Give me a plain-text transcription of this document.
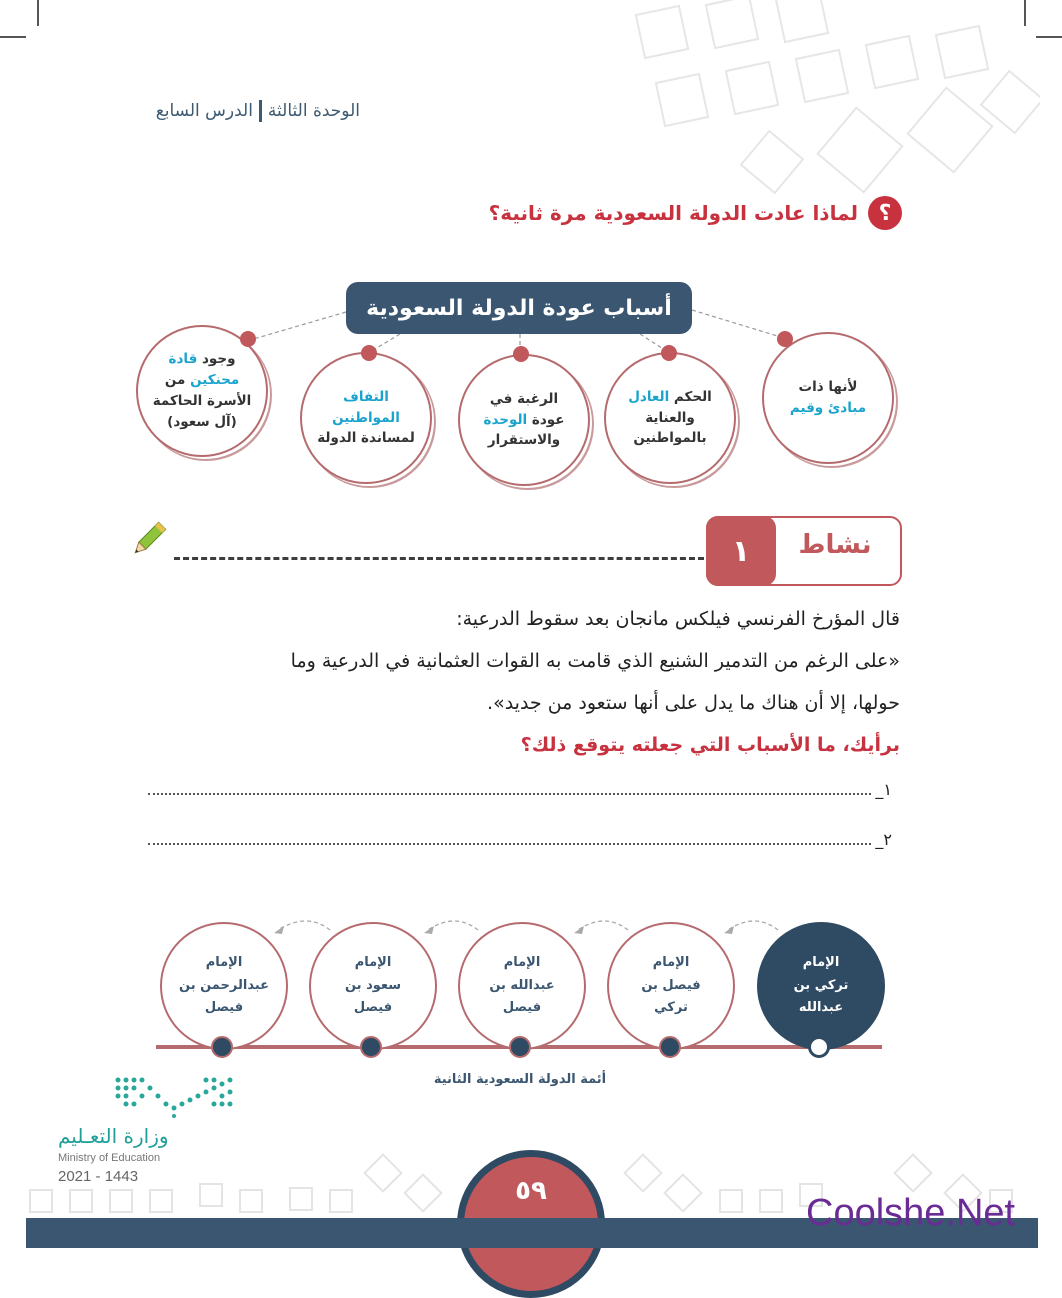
الوحدة الثالثةالدرس السابع
؟
لماذا عادت الدولة السعودية مرة ثانية؟
أسباب عودة الدولة السعودية
لأنها ذات
مبادئ وقيم
الحكم العادل
والعناية
بالمواطنين
الرغبة في
عودة الوحدة
والاستقرار
التفاف
المواطنين
لمساندة الدولة
وجود قادة
محنكين من
الأسرة الحاكمة
(آل سعود)
نشاط
١
قال المؤرخ الفرنسي فيلكس مانجان بعد سقوط الدرعية:
«على الرغم من التدمير الشنيع الذي قامت به القوات العثمانية في الدرعية وما
حولها، إلا أن هناك ما يدل على أنها ستعود من جديد».
برأيك، ما الأسباب التي جعلته يتوقع ذلك؟
١_
٢_
الإمام
تركي بن
عبدالله
الإمام
فيصل بن
تركي
الإمام
عبدالله بن
فيصل
الإمام
سعود بن
فيصل
الإمام
عبدالرحمن بن
فيصل
أئمة الدولة السعودية الثانية
وزارة التعـليم
Ministry of Education
2021 - 1443	٥٩
Coolshe.Net
